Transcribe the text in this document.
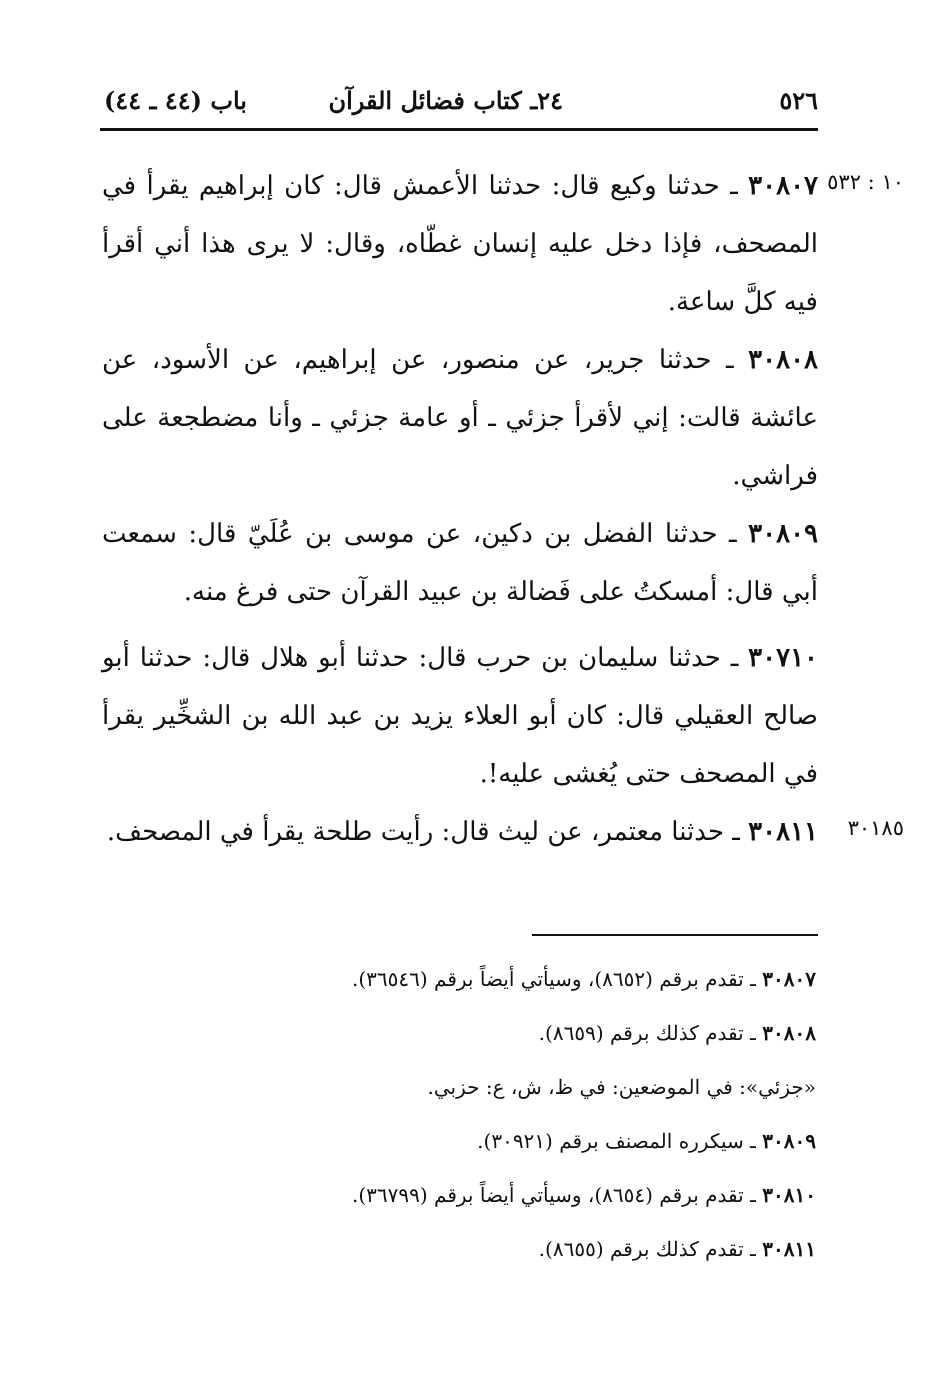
٥٢٦
٢٤ـ كتاب فضائل القرآن
باب (٤٤ ـ ٤٤)
١٠ : ٥٣٢
٣٠١٨٥
٣٠٨٠٧ ـ حدثنا وكيع قال: حدثنا الأعمش قال: كان إبراهيم يقرأ في المصحف، فإذا دخل عليه إنسان غطّاه، وقال: لا يرى هذا أني أقرأ فيه كلَّ ساعة.
٣٠٨٠٨ ـ حدثنا جرير، عن منصور، عن إبراهيم، عن الأسود، عن عائشة قالت: إني لأقرأ جزئي ـ أو عامة جزئي ـ وأنا مضطجعة على فراشي.
٣٠٨٠٩ ـ حدثنا الفضل بن دكين، عن موسى بن عُلَيّ قال: سمعت أبي قال: أمسكتُ على فَضالة بن عبيد القرآن حتى فرغ منه.
٣٠٧١٠ ـ حدثنا سليمان بن حرب قال: حدثنا أبو هلال قال: حدثنا أبو صالح العقيلي قال: كان أبو العلاء يزيد بن عبد الله بن الشخِّير يقرأ في المصحف حتى يُغشى عليه!.
٣٠٨١١ ـ حدثنا معتمر، عن ليث قال: رأيت طلحة يقرأ في المصحف.
٣٠٨٠٧ ـ تقدم برقم (٨٦٥٢)، وسيأتي أيضاً برقم (٣٦٥٤٦).
٣٠٨٠٨ ـ تقدم كذلك برقم (٨٦٥٩).
«جزئي»: في الموضعين: في ظ، ش، ع: حزبي.
٣٠٨٠٩ ـ سيكرره المصنف برقم (٣٠٩٢١).
٣٠٨١٠ ـ تقدم برقم (٨٦٥٤)، وسيأتي أيضاً برقم (٣٦٧٩٩).
٣٠٨١١ ـ تقدم كذلك برقم (٨٦٥٥).
